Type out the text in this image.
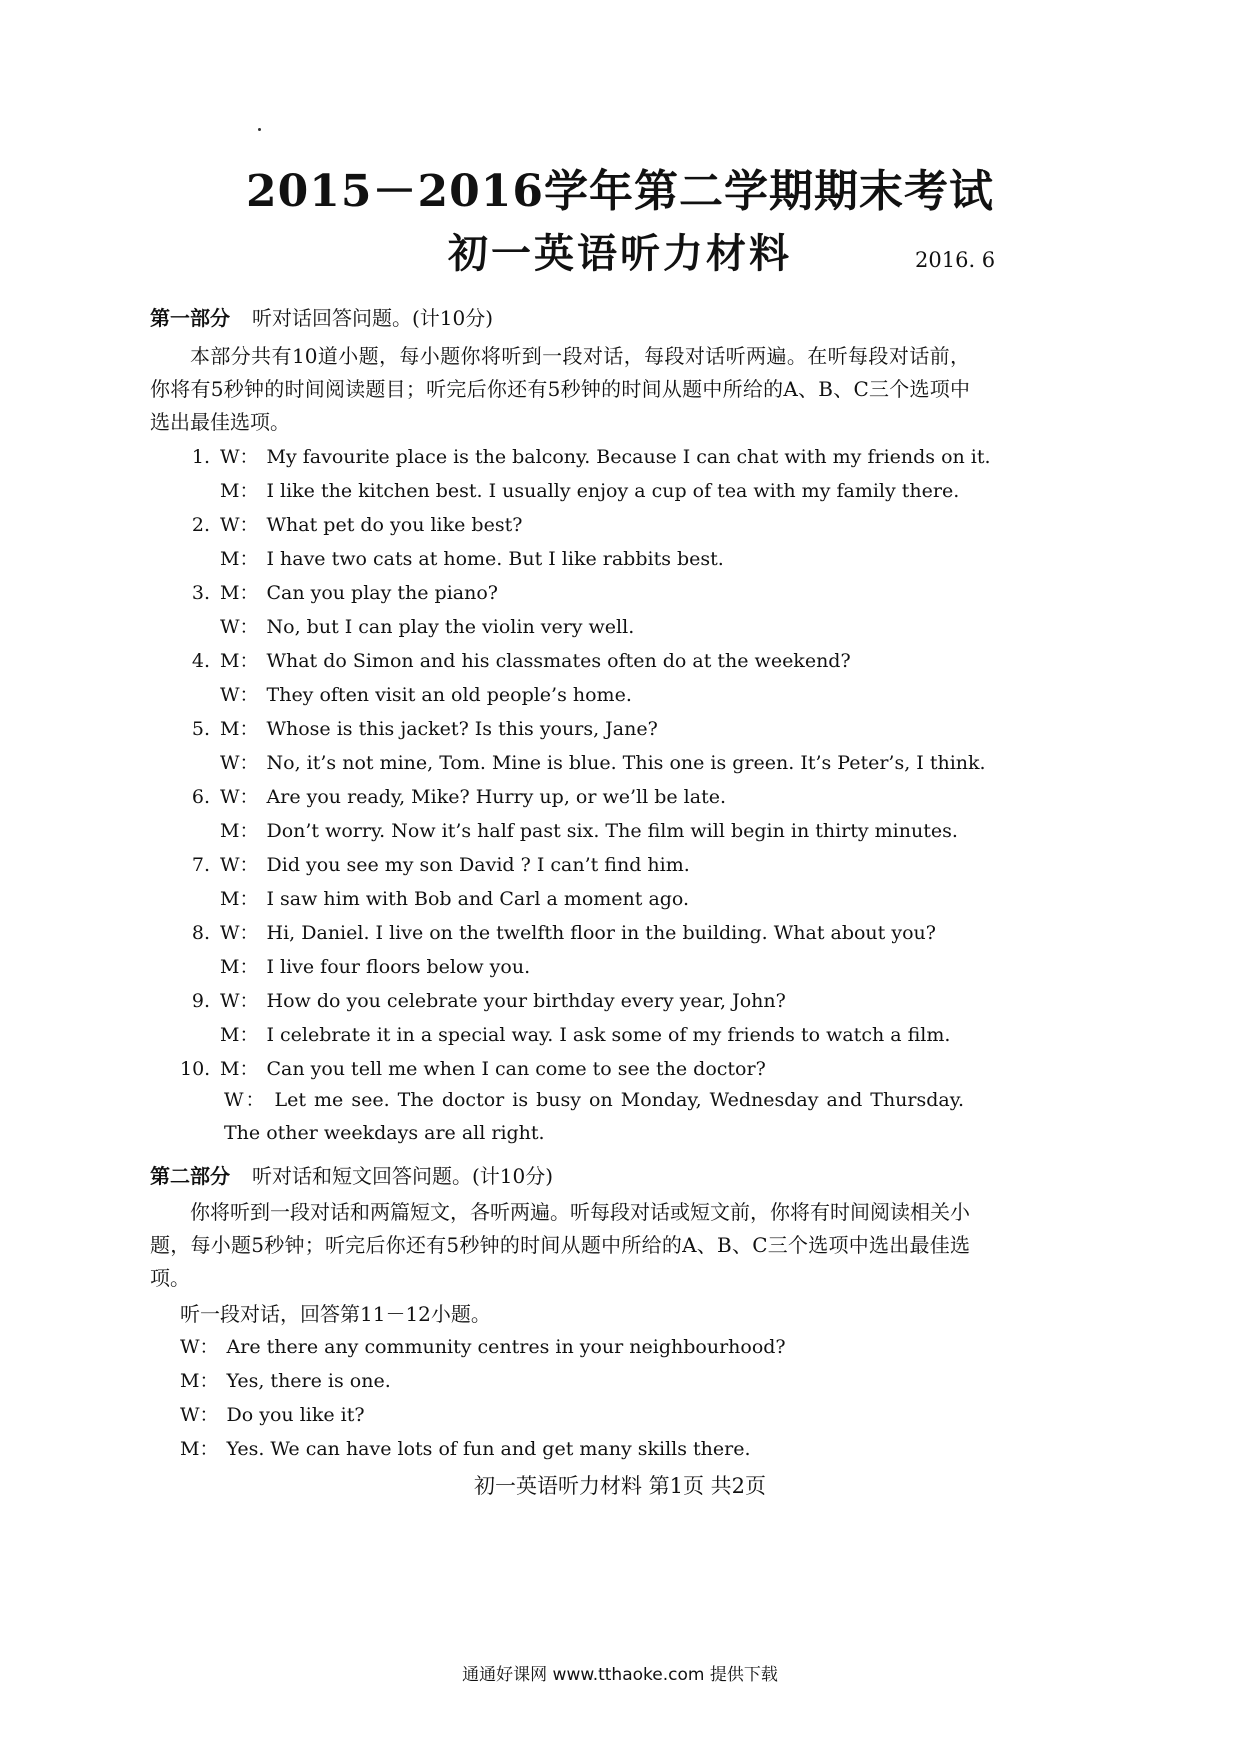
2015－2016学年第二学期期末考试
初一英语听力材料	2016. 6
第一部分 听对话回答问题。(计10分)
本部分共有10道小题，每小题你将听到一段对话，每段对话听两遍。在听每段对话前，你将有5秒钟的时间阅读题目；听完后你还有5秒钟的时间从题中所给的A、B、C三个选项中选出最佳选项。
1. W： My favourite place is the balcony. Because I can chat with my friends on it.
M： I like the kitchen best. I usually enjoy a cup of tea with my family there.
2. W： What pet do you like best?
M： I have two cats at home. But I like rabbits best.
3. M： Can you play the piano?
W： No, but I can play the violin very well.
4. M： What do Simon and his classmates often do at the weekend?
W： They often visit an old people’s home.
5. M： Whose is this jacket? Is this yours, Jane?
W： No, it’s not mine, Tom. Mine is blue. This one is green. It’s Peter’s, I think.
6. W： Are you ready, Mike? Hurry up, or we’ll be late.
M： Don’t worry. Now it’s half past six. The film will begin in thirty minutes.
7. W： Did you see my son David ? I can’t find him.
M： I saw him with Bob and Carl a moment ago.
8. W： Hi, Daniel. I live on the twelfth floor in the building. What about you?
M： I live four floors below you.
9. W： How do you celebrate your birthday every year, John?
M： I celebrate it in a special way. I ask some of my friends to watch a film.
10. M： Can you tell me when I can come to see the doctor?
W： Let me see. The doctor is busy on Monday, Wednesday and Thursday. The other weekdays are all right.
第二部分 听对话和短文回答问题。(计10分)
你将听到一段对话和两篇短文，各听两遍。听每段对话或短文前，你将有时间阅读相关小题，每小题5秒钟；听完后你还有5秒钟的时间从题中所给的A、B、C三个选项中选出最佳选项。
听一段对话，回答第11－12小题。
W： Are there any community centres in your neighbourhood?
M： Yes, there is one.
W： Do you like it?
M： Yes. We can have lots of fun and get many skills there.
初一英语听力材料 第1页 共2页
通通好课网 www.tthaoke.com 提供下载
